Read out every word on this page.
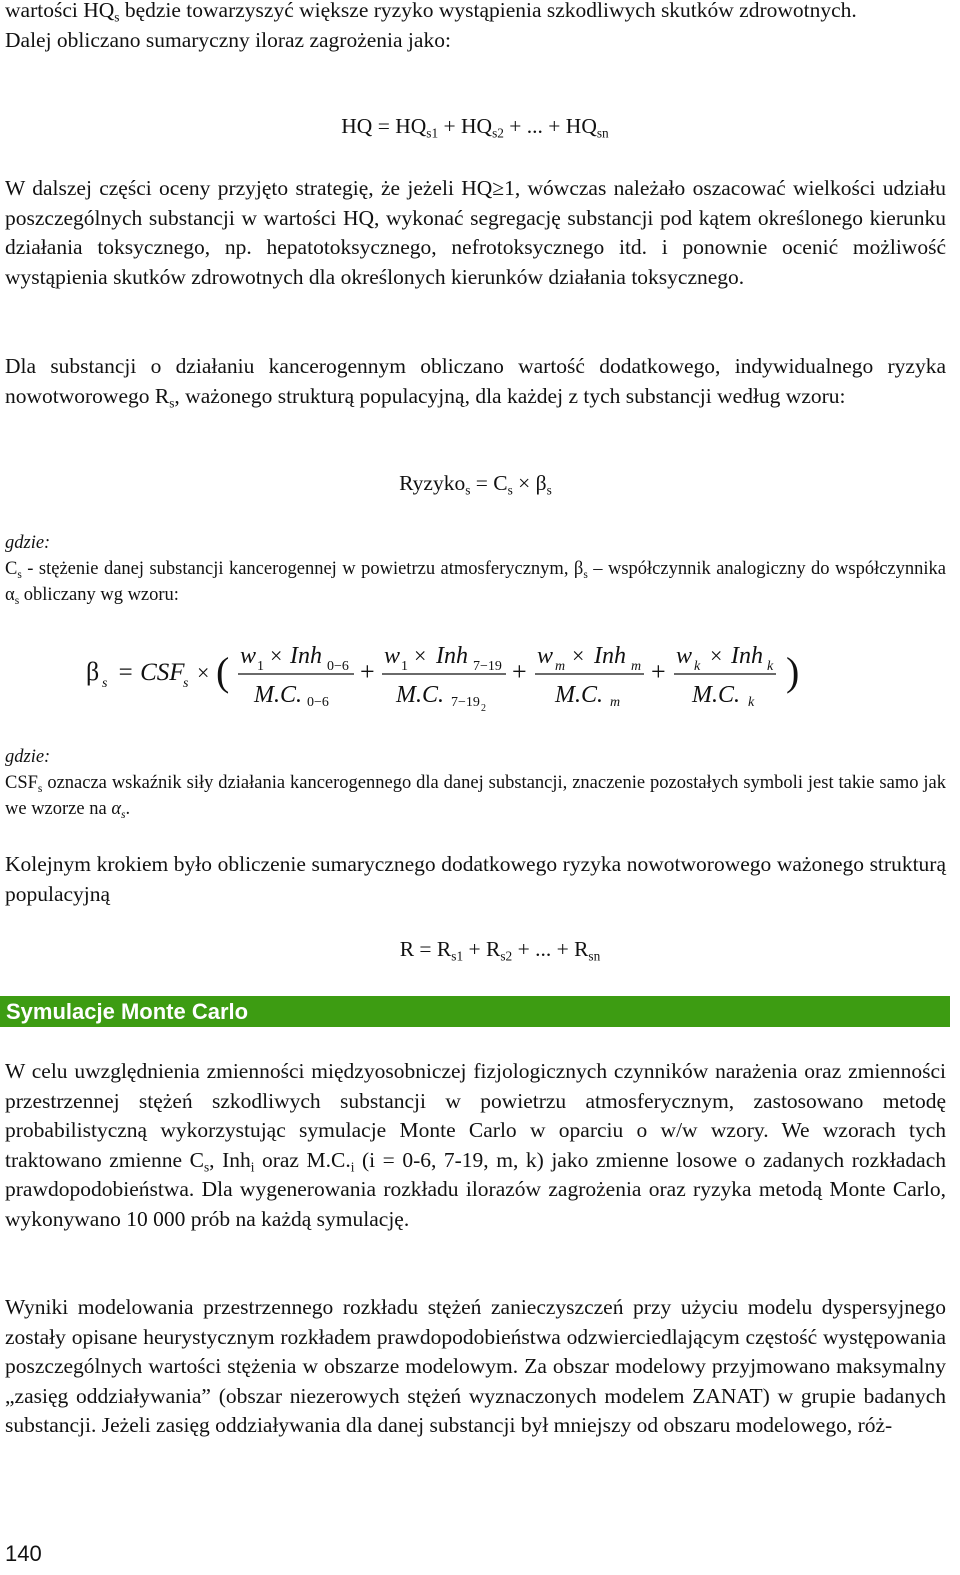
wartości $HQ_s$ będzie towarzyszyć większe ryzyko wystąpienia szkodliwych skutków zdrowotnych.
Dalej obliczano sumaryczny iloraz zagrożenia jako:

HQ = $HQ_{s1} + HQ_{s2}$ + ... + $HQ_{sn}$

W dalszej części oceny przyjęto strategię, że jeżeli HQ≥1, wówczas należało oszacować wielkości udziału poszczególnych substancji w wartości HQ, wykonać segregację substancji pod kątem określonego kierunku działania toksycznego, np. hepatotoksycznego, nefrotoksycznego itd. i ponownie ocenić możliwość wystąpienia skutków zdrowotnych dla określonych kierunków działania toksycznego.

Dla substancji o działaniu kancerogennym obliczano wartość dodatkowego, indywidualnego ryzyka nowotworowego $R_s$, ważonego strukturą populacyjną, dla każdej z tych substancji według wzoru:

Ryzyko$_s$ = $C_s \times \beta_s$

gdzie:

$C_s$ - stężenie danej substancji kancerogennej w powietrzu atmosferycznym, $\beta_s$ – współczynnik analogiczny do współczynnika $\alpha_s$ obliczany wg wzoru:

β s = CSF
s × ( w 1 × Inh 0−6
M.C. 0−6
+
w 1 × Inh 7−19
M.C. 7−19 2
+
w m × Inh m
M.C. m
+
w k × Inh k
M.C. k
)

gdzie:

$CSF_s$ oznacza wskaźnik siły działania kancerogennego dla danej substancji, znaczenie pozostałych symboli jest takie samo jak we wzorze na $\alpha_s$.

Kolejnym krokiem było obliczenie sumarycznego dodatkowego ryzyka nowotworowego ważonego strukturą populacyjną

$R = R_{s1} + R_{s2}$ + ... + $R_{sn}$
Symulacje Monte Carlo

W celu uwzględnienia zmienności międzyosobniczej fizjologicznych czynników narażenia oraz zmienności przestrzennej stężeń szkodliwych substancji w powietrzu atmosferycznym, zastosowano metodę probabilistyczną wykorzystując symulacje Monte Carlo w oparciu o w/w wzory. We wzorach tych traktowano zmienne $C_s$, Inh$_i$ oraz $M.C._i$ (i = 0-6, 7-19, m, k) jako zmienne losowe o zadanych rozkładach prawdopodobieństwa. Dla wygenerowania rozkładu ilorazów zagrożenia oraz ryzyka metodą Monte Carlo, wykonywano 10 000 prób na każdą symulację.

Wyniki modelowania przestrzennego rozkładu stężeń zanieczyszczeń przy użyciu modelu dyspersyjnego zostały opisane heurystycznym rozkładem prawdopodobieństwa odzwierciedlającym częstość występowania poszczególnych wartości stężenia w obszarze modelowym. Za obszar modelowy przyjmowano maksymalny „zasięg oddziaływania” (obszar niezerowych stężeń wyznaczonych modelem ZANAT) w grupie badanych substancji. Jeżeli zasięg oddziaływania dla danej substancji był mniejszy od obszaru modelowego, róż-

140
